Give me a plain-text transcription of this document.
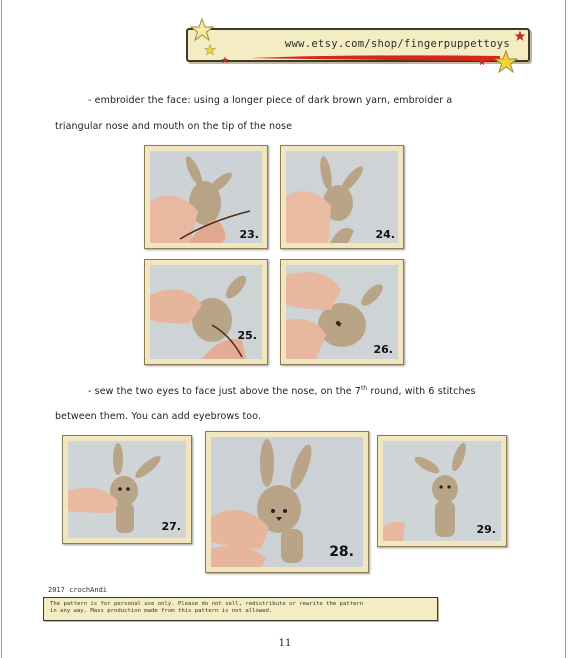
www.etsy.com/shop/fingerpuppettoys
- embroider the face: using a longer piece of dark brown yarn, embroider a
triangular nose and mouth on the tip of the nose
23.	24.
25.
26.
- sew the two eyes to face just above the nose, on the 7th round, with 6 stitches
between them. You can add eyebrows too.
27.
28.
29.
2017 crochAndi
The pattern is for personal use only. Please do not sell, redistribute or rewrite the pattern
in any way. Mass production made from this pattern is not allowed.
11
